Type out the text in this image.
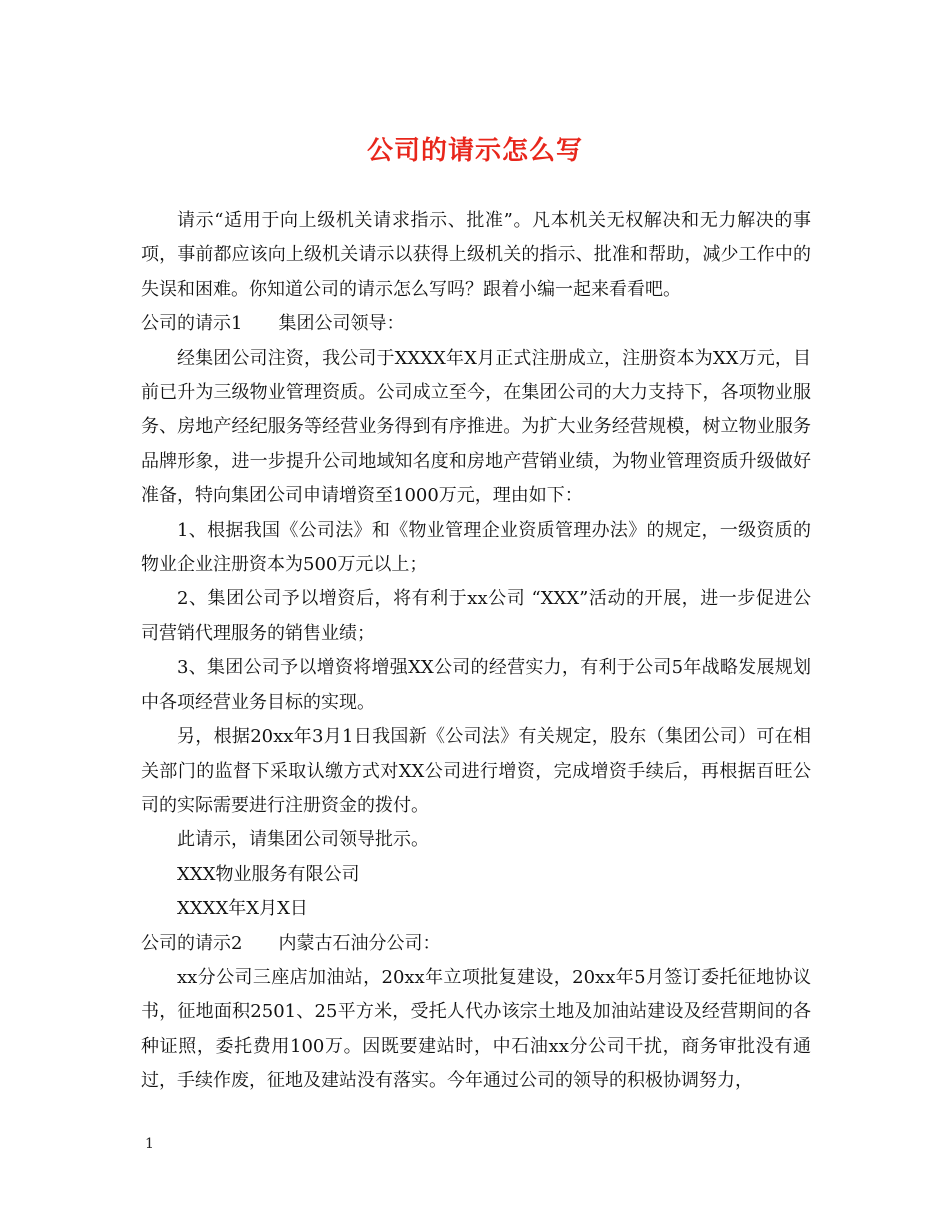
公司的请示怎么写

请示“适用于向上级机关请求指示、批准”。凡本机关无权解决和无力解决的事项，事前都应该向上级机关请示以获得上级机关的指示、批准和帮助，减少工作中的失误和困难。你知道公司的请示怎么写吗？跟着小编一起来看看吧。

公司的请示1　　集团公司领导：

经集团公司注资，我公司于XXXX年X月正式注册成立，注册资本为XX万元，目前已升为三级物业管理资质。公司成立至今，在集团公司的大力支持下，各项物业服务、房地产经纪服务等经营业务得到有序推进。为扩大业务经营规模，树立物业服务品牌形象，进一步提升公司地域知名度和房地产营销业绩，为物业管理资质升级做好准备，特向集团公司申请增资至1000万元，理由如下：

1、根据我国《公司法》和《物业管理企业资质管理办法》的规定，一级资质的物业企业注册资本为500万元以上；

2、集团公司予以增资后，将有利于xx公司 “XXX”活动的开展，进一步促进公司营销代理服务的销售业绩；

3、集团公司予以增资将增强XX公司的经营实力，有利于公司5年战略发展规划中各项经营业务目标的实现。

另，根据20xx年3月1日我国新《公司法》有关规定，股东（集团公司）可在相关部门的监督下采取认缴方式对XX公司进行增资，完成增资手续后，再根据百旺公司的实际需要进行注册资金的拨付。

此请示，请集团公司领导批示。

XXX物业服务有限公司

XXXX年X月X日

公司的请示2　　内蒙古石油分公司：

xx分公司三座店加油站，20xx年立项批复建设，20xx年5月签订委托征地协议书，征地面积2501、25平方米，受托人代办该宗土地及加油站建设及经营期间的各种证照，委托费用100万。因既要建站时，中石油xx分公司干扰，商务审批没有通过，手续作废，征地及建站没有落实。今年通过公司的领导的积极协调努力，

1
